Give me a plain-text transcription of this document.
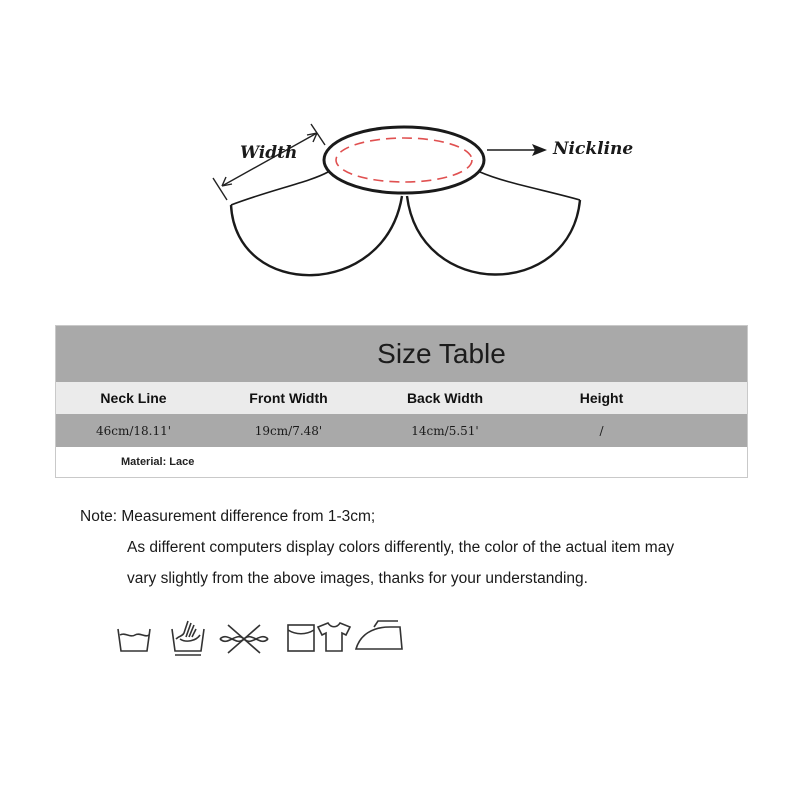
Width	Nickline
Size Table
Neck Line	Front Width	Back Width	Height
46cm/18.11'	19cm/7.48'	14cm/5.51'	/
Material: Lace
Note: Measurement difference from 1-3cm;
As different computers display colors differently, the color of the actual item may
vary slightly from the above images, thanks for your understanding.
